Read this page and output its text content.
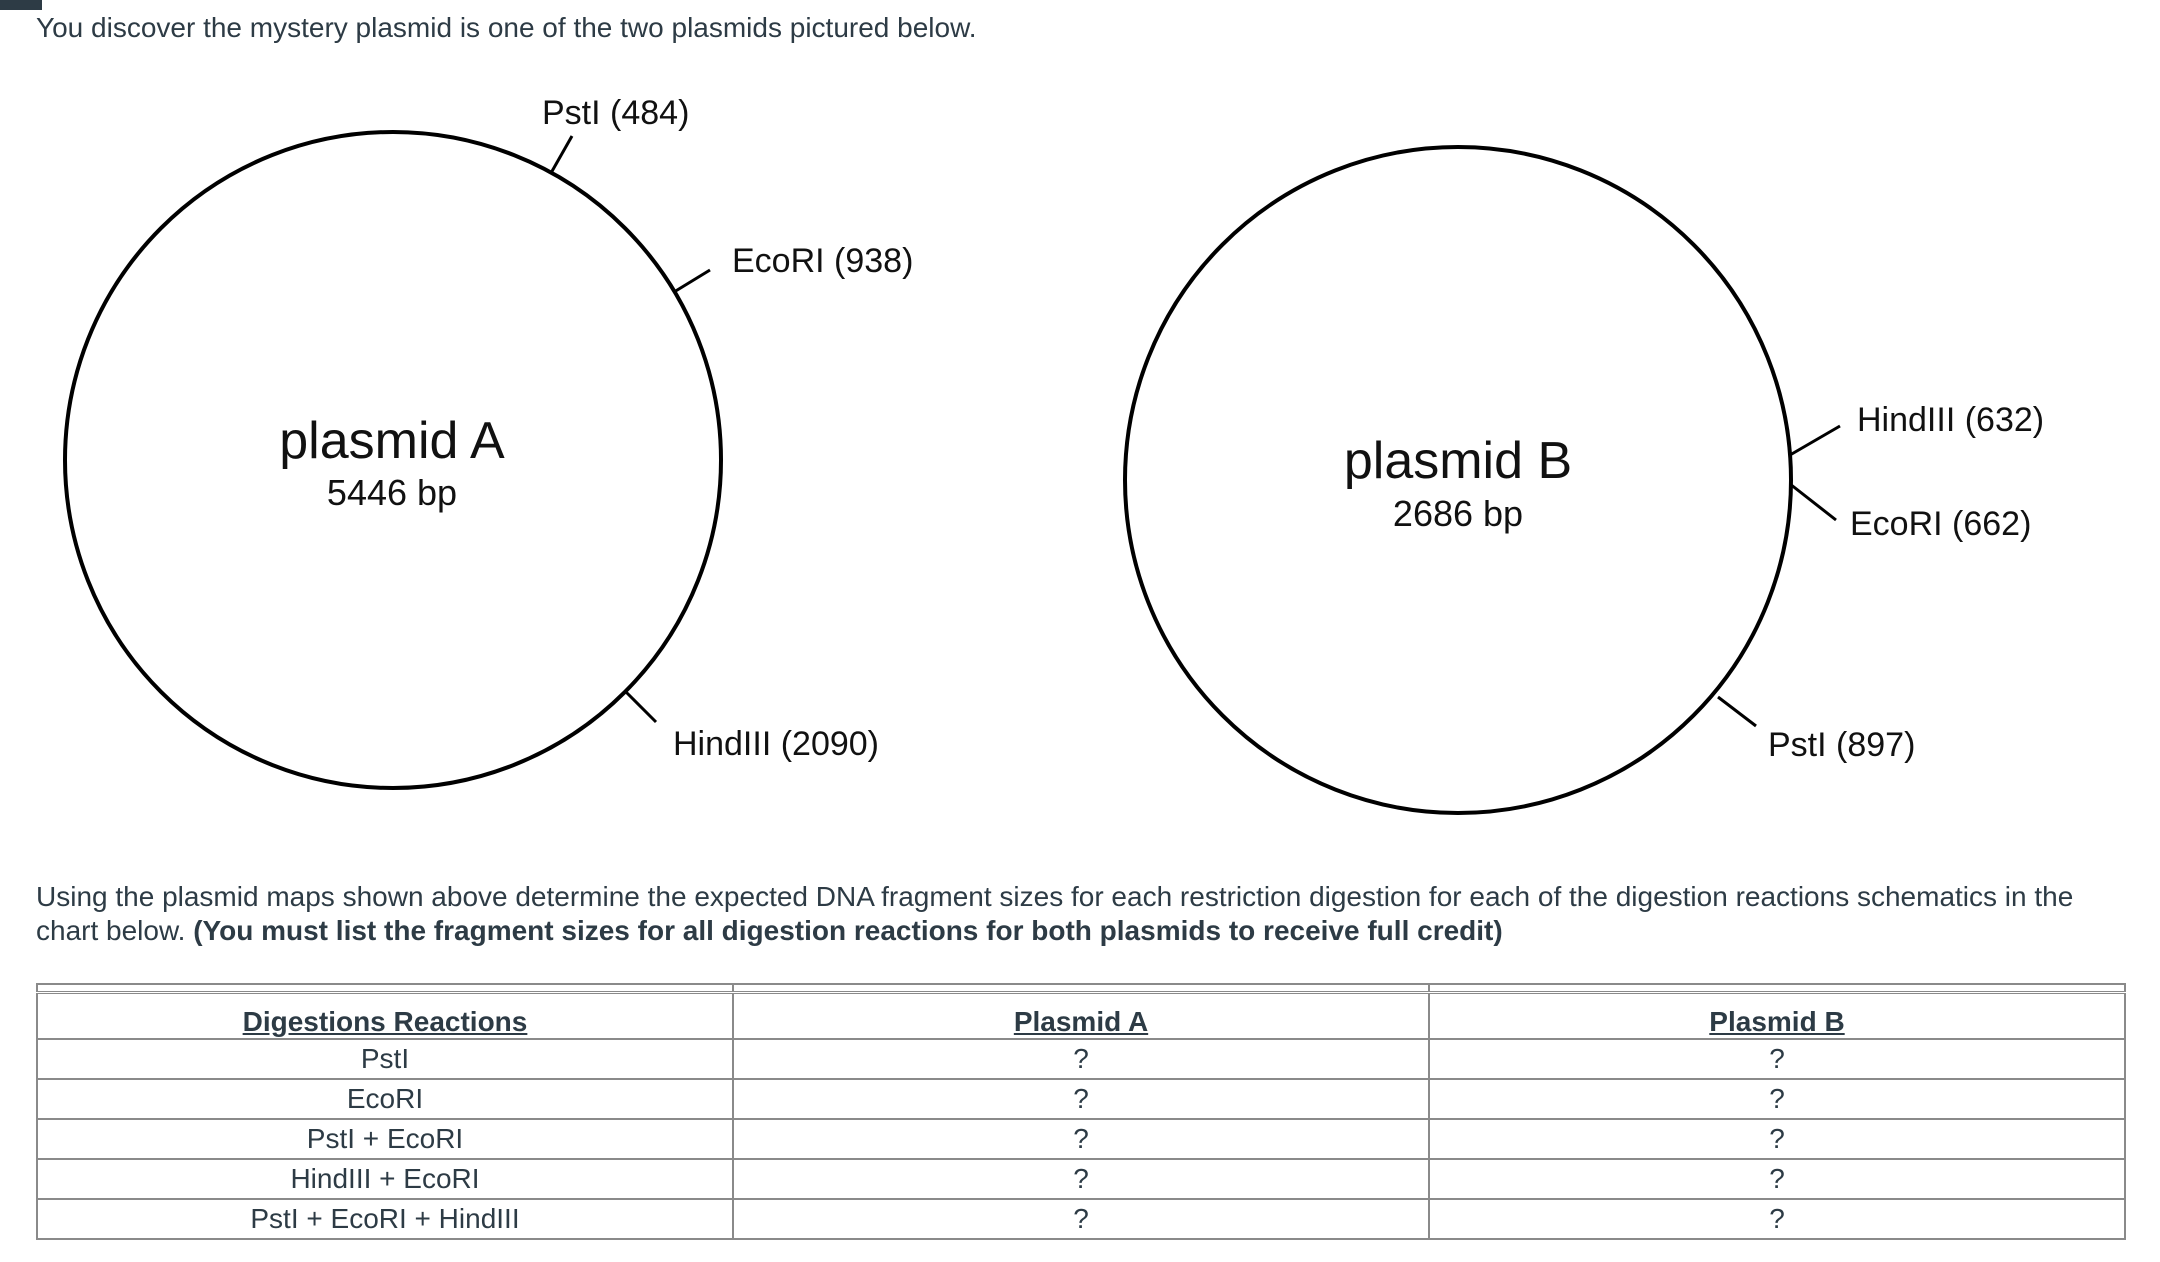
You discover the mystery plasmid is one of the two plasmids pictured below.

PstI (484)
EcoRI (938)
HindIII (2090)
plasmid A
5446 bp
HindIII (632)
EcoRI (662)
PstI (897)
plasmid B
2686 bp

Using the plasmid maps shown above determine the expected DNA fragment sizes for each restriction digestion for each of the digestion reactions schematics in the chart below. (You must list the fragment sizes for all digestion reactions for both plasmids to receive full credit)

Digestions Reactions	Plasmid A	Plasmid B
PstI	?	?
EcoRI	?	?
PstI + EcoRI	?	?
HindIII + EcoRI	?	?
PstI + EcoRI + HindIII	?	?
